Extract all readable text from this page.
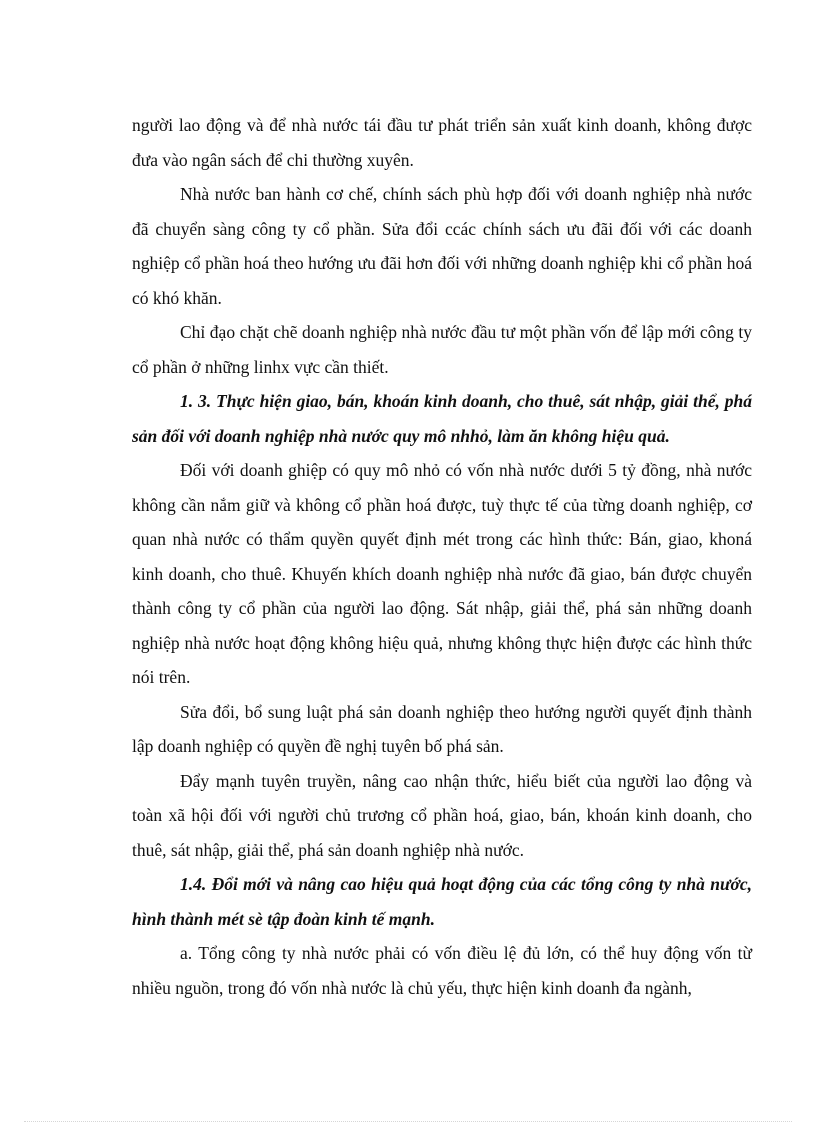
người lao động và để nhà nước tái đầu tư phát triển sản xuất kinh doanh, không được đưa vào ngân sách để chi thường xuyên.

Nhà nước ban hành cơ chế, chính sách phù hợp đối với doanh nghiệp nhà nước đã chuyển sàng công ty cổ phần. Sửa đổi ccác chính sách ưu đãi đối với các doanh nghiệp cổ phần hoá theo hướng ưu đãi hơn đối với những doanh nghiệp khi cổ phần hoá có khó khăn.

Chỉ đạo chặt chẽ doanh nghiệp nhà nước đầu tư một phần vốn để lập mới công ty cổ phần ở những linhx vực cần thiết.

1. 3. Thực hiện giao, bán, khoán kinh doanh, cho thuê, sát nhập, giải thể, phá sản đối với doanh nghiệp nhà nước quy mô nhhỏ, làm ăn không hiệu quả.

Đối với doanh ghiệp có quy mô nhỏ có vốn nhà nước dưới 5 tỷ đồng, nhà nước không cần nắm giữ và không cổ phần hoá được, tuỳ thực tế của từng doanh nghiệp, cơ quan nhà nước có thẩm quyền quyết định mét trong các hình thức: Bán, giao, khoná kinh doanh, cho thuê. Khuyến khích doanh nghiệp nhà nước đã giao, bán được chuyển thành công ty cổ phần của người lao động. Sát nhập, giải thể, phá sản những doanh nghiệp nhà nước hoạt động không hiệu quả, nhưng không thực hiện được các hình thức nói trên.

Sửa đổi, bổ sung luật phá sản doanh nghiệp theo hướng người quyết định thành lập doanh nghiệp có quyền đề nghị tuyên bố phá sản.

Đẩy mạnh tuyên truyền, nâng cao nhận thức, hiểu biết của người lao động và toàn xã hội đối với người chủ trương cổ phần hoá, giao, bán, khoán kinh doanh, cho thuê, sát nhập, giải thể, phá sản doanh nghiệp nhà nước.

1.4. Đổi mới và nâng cao hiệu quả hoạt động của các tổng công ty nhà nước, hình thành mét sè tập đoàn kinh tế mạnh.

a. Tổng công ty nhà nước phải có vốn điều lệ đủ lớn, có thể huy động vốn từ nhiều nguồn, trong đó vốn nhà nước là chủ yếu, thực hiện kinh doanh đa ngành,
